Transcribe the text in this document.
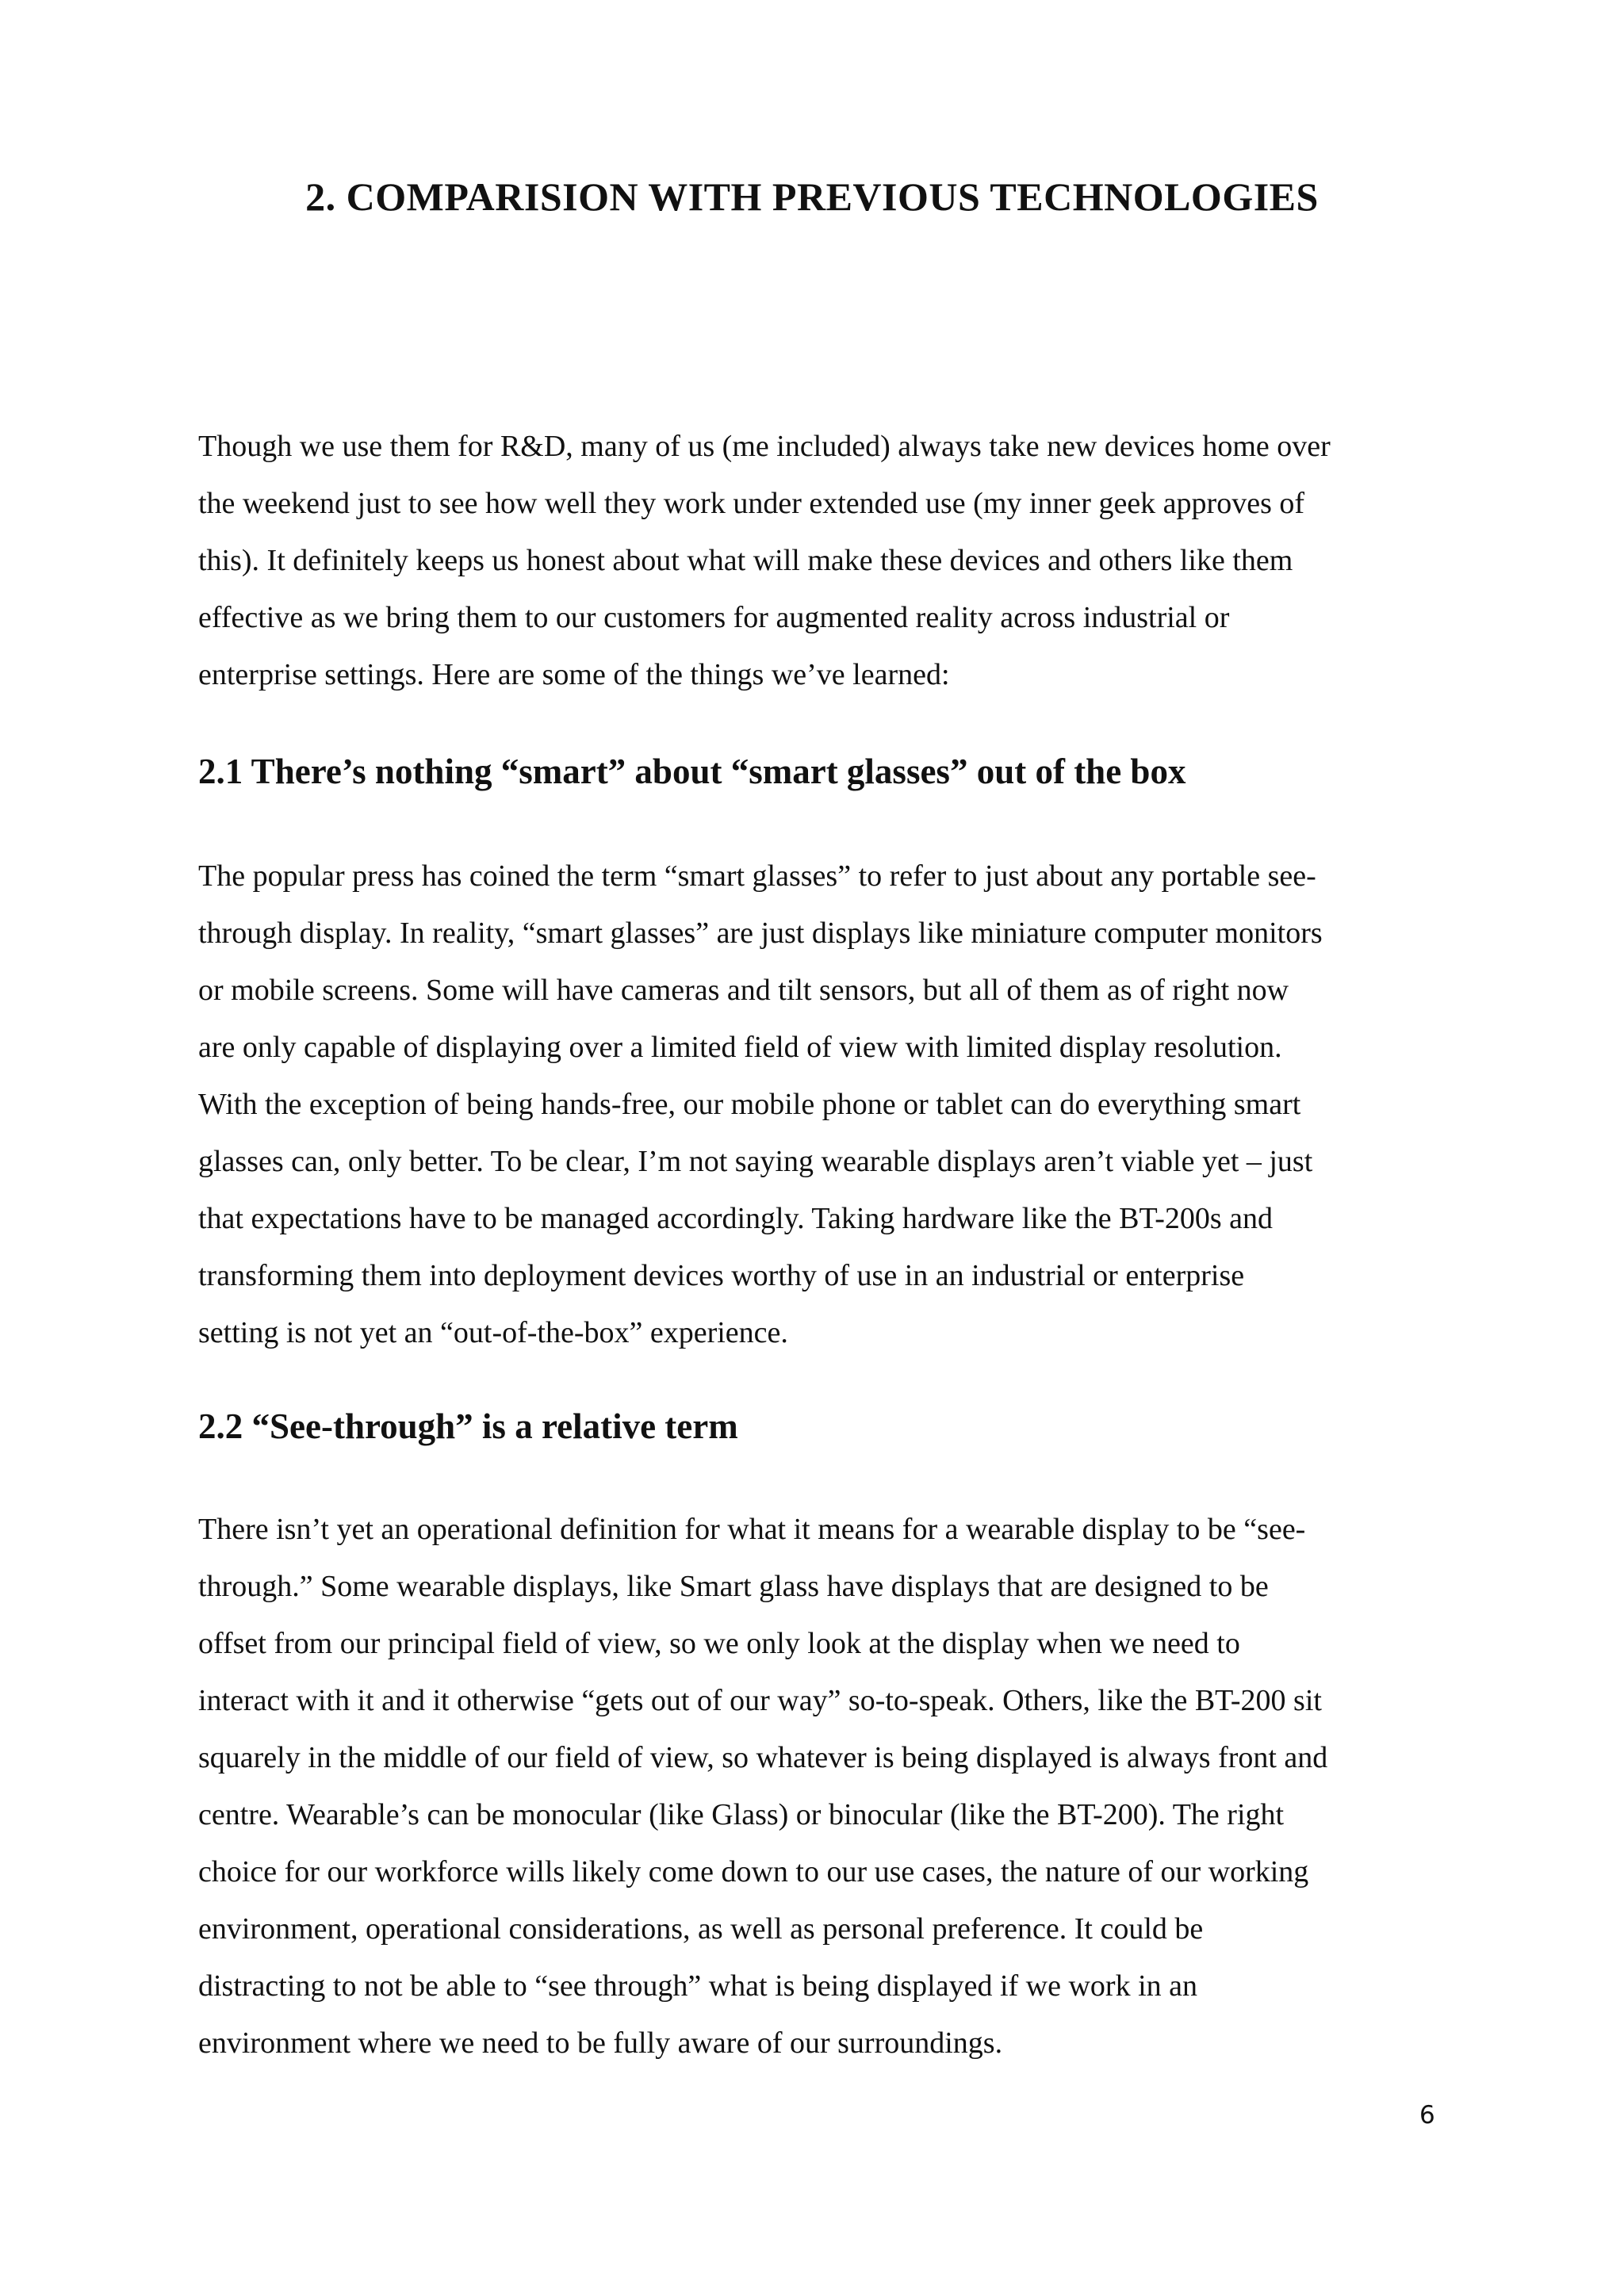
2. COMPARISION WITH PREVIOUS TECHNOLOGIES

Though we use them for R&D, many of us (me included) always take new devices home over

the weekend just to see how well they work under extended use (my inner geek approves of

this). It definitely keeps us honest about what will make these devices and others like them

effective as we bring them to our customers for augmented reality across industrial or

enterprise settings. Here are some of the things we’ve learned:

2.1 There’s nothing “smart” about “smart glasses” out of the box

The popular press has coined the term “smart glasses” to refer to just about any portable see-

through display. In reality, “smart glasses” are just displays like miniature computer monitors

or mobile screens. Some will have cameras and tilt sensors, but all of them as of right now

are only capable of displaying over a limited field of view with limited display resolution.

With the exception of being hands-free, our mobile phone or tablet can do everything smart

glasses can, only better. To be clear, I’m not saying wearable displays aren’t viable yet – just

that expectations have to be managed accordingly. Taking hardware like the BT-200s and

transforming them into deployment devices worthy of use in an industrial or enterprise

setting is not yet an “out-of-the-box” experience.

2.2 “See-through” is a relative term

There isn’t yet an operational definition for what it means for a wearable display to be “see-

through.” Some wearable displays, like Smart glass have displays that are designed to be

offset from our principal field of view, so we only look at the display when we need to

interact with it and it otherwise “gets out of our way” so-to-speak. Others, like the BT-200 sit

squarely in the middle of our field of view, so whatever is being displayed is always front and

centre. Wearable’s can be monocular (like Glass) or binocular (like the BT-200). The right

choice for our workforce wills likely come down to our use cases, the nature of our working

environment, operational considerations, as well as personal preference. It could be

distracting to not be able to “see through” what is being displayed if we work in an

environment where we need to be fully aware of our surroundings.

6
